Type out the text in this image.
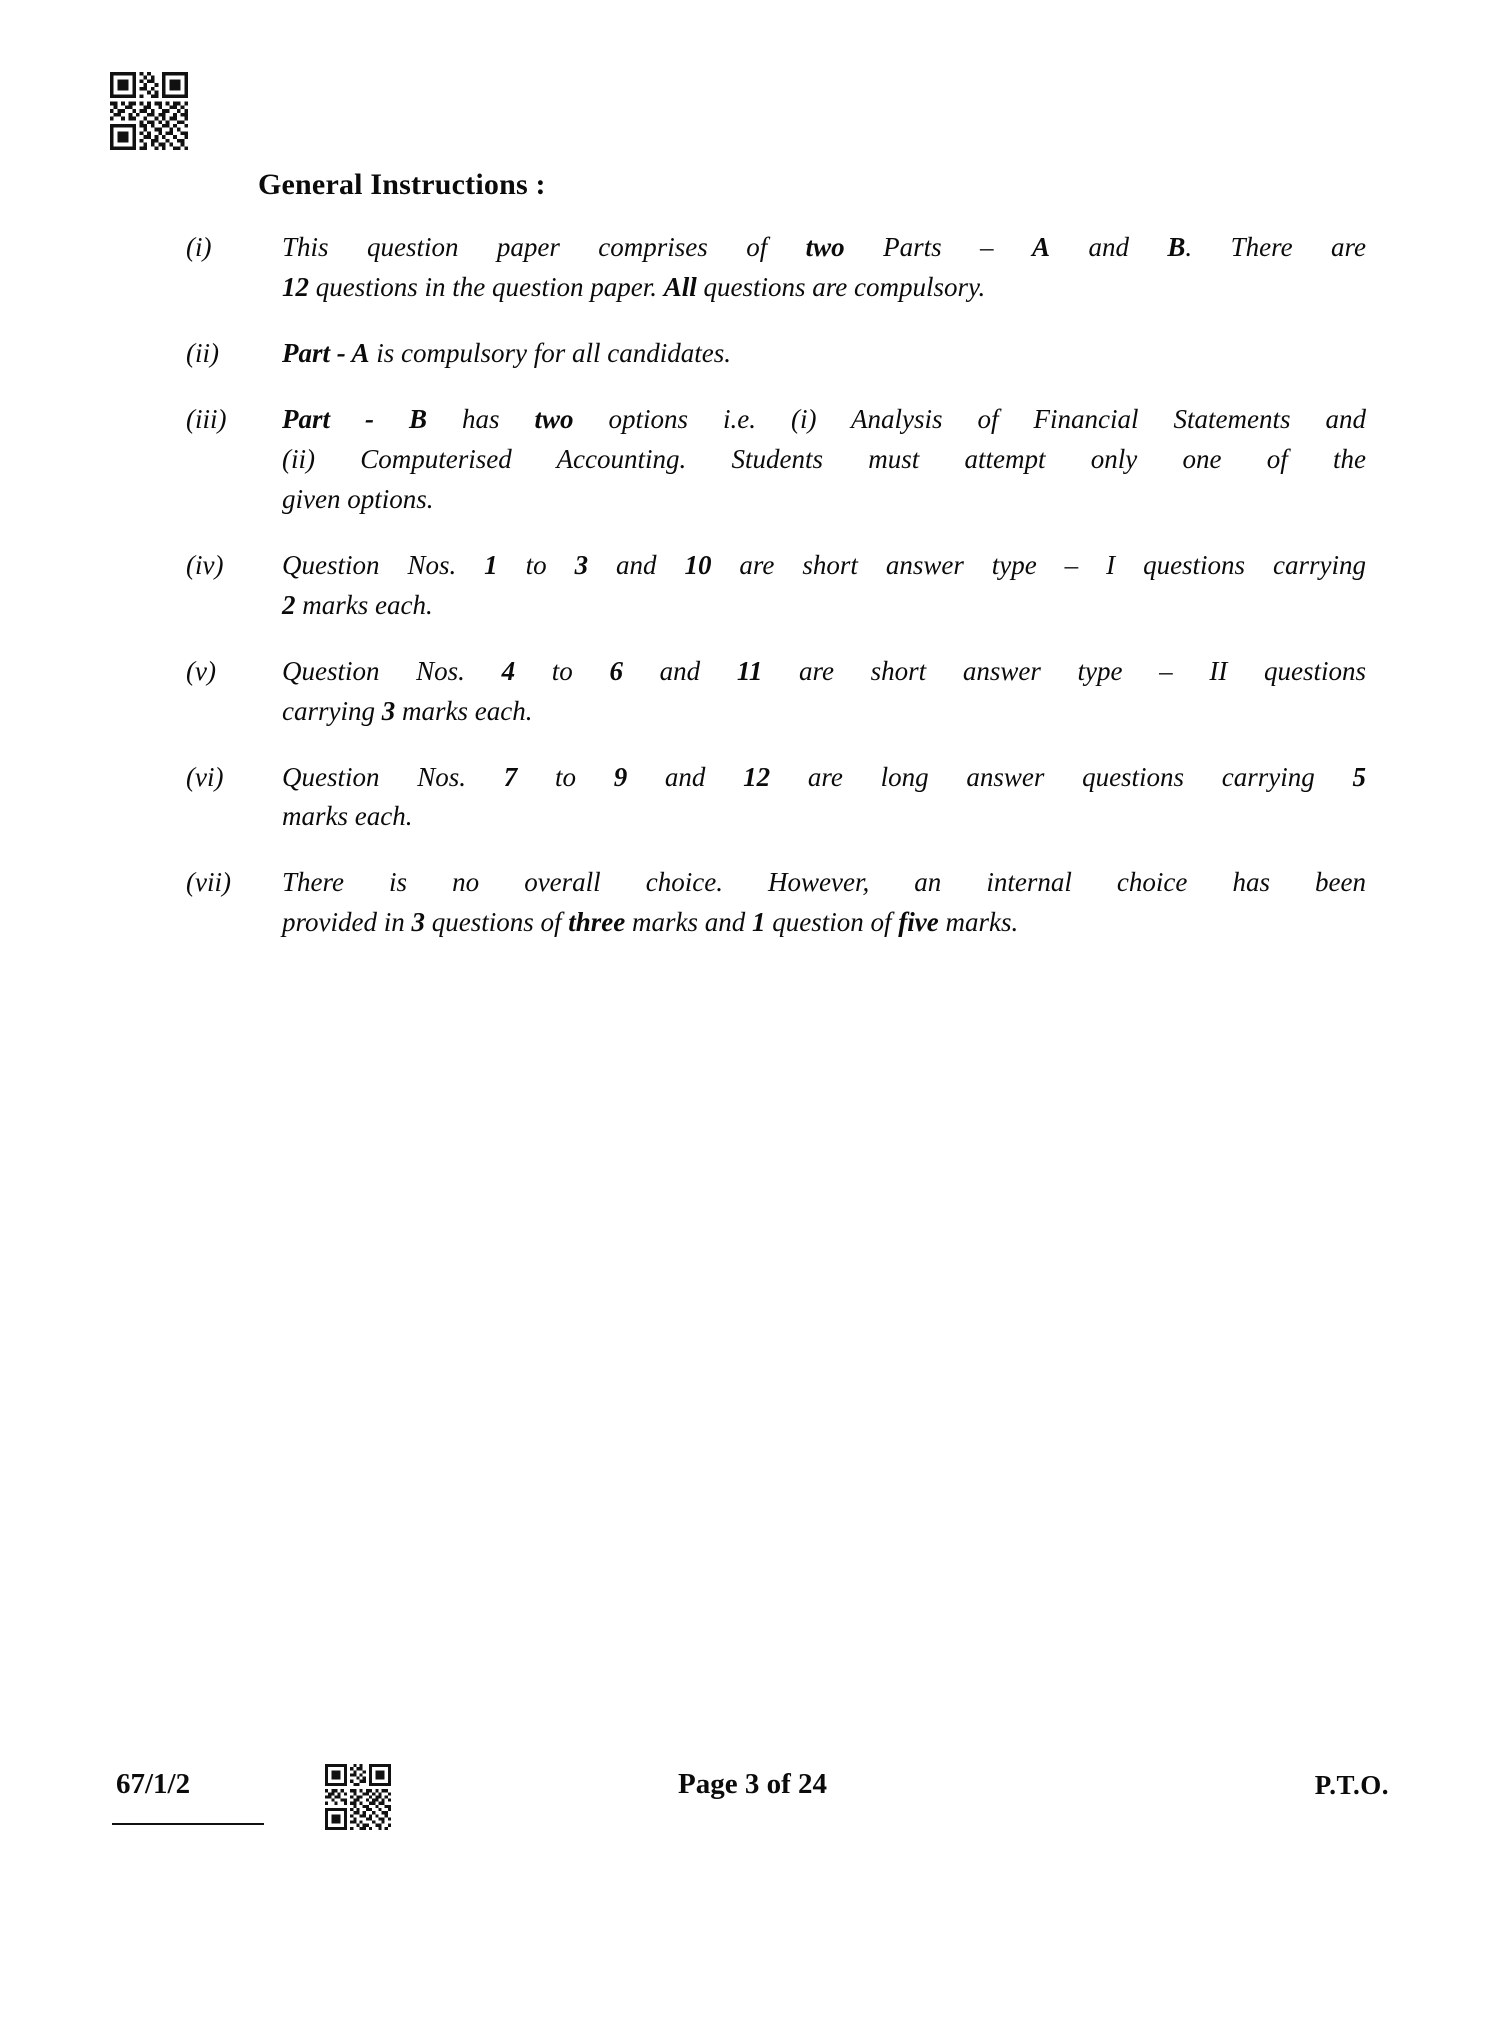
General Instructions :
(i)	This question paper comprises of two Parts – A and B. There are
12 questions in the question paper. All questions are compulsory.
(ii)	Part - A is compulsory for all candidates.
(iii)	Part - B has two options i.e. (i) Analysis of Financial Statements and
(ii) Computerised Accounting. Students must attempt only one of the
given options.
(iv)	Question Nos. 1 to 3 and 10 are short answer type – I questions carrying
2 marks each.
(v)	Question Nos. 4 to 6 and 11 are short answer type – II questions
carrying 3 marks each.
(vi)	Question Nos. 7 to 9 and 12 are long answer questions carrying 5
marks each.
(vii)	There is no overall choice. However, an internal choice has been
provided in 3 questions of three marks and 1 question of five marks.
67/1/2	Page 3 of 24	P.T.O.
